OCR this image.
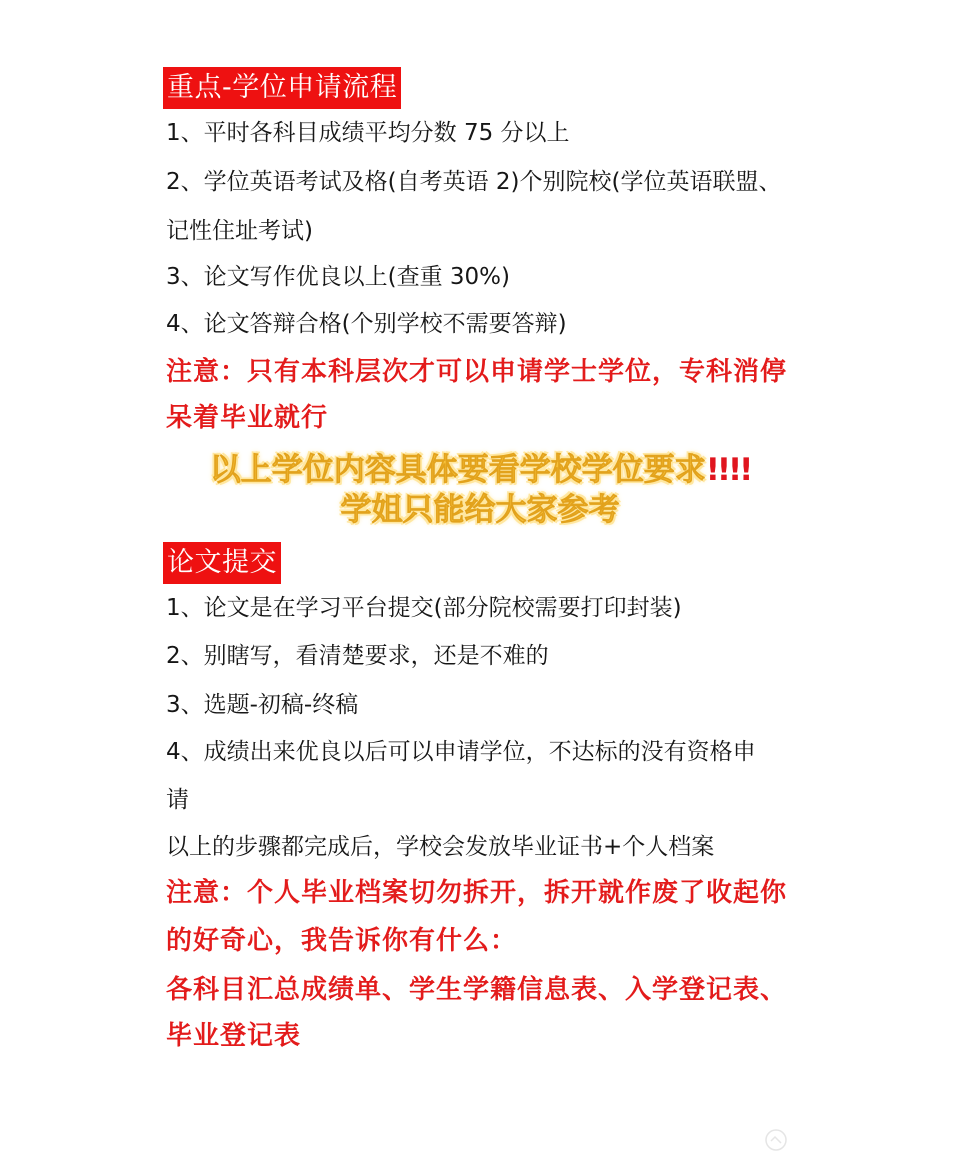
重点-学位申请流程
1、平时各科目成绩平均分数 75 分以上
2、学位英语考试及格(自考英语 2)个别院校(学位英语联盟、
记性住址考试)
3、论文写作优良以上(查重 30%)
4、论文答辩合格(个别学校不需要答辩)
注意：只有本科层次才可以申请学士学位，专科消停
呆着毕业就行
以上学位内容具体要看学校学位要求!!!!
学姐只能给大家参考
论文提交
1、论文是在学习平台提交(部分院校需要打印封装)
2、别瞎写，看清楚要求，还是不难的
3、选题-初稿-终稿
4、成绩出来优良以后可以申请学位，不达标的没有资格申
请
以上的步骤都完成后，学校会发放毕业证书+个人档案
注意：个人毕业档案切勿拆开，拆开就作废了收起你
的好奇心，我告诉你有什么：
各科目汇总成绩单、学生学籍信息表、入学登记表、
毕业登记表
